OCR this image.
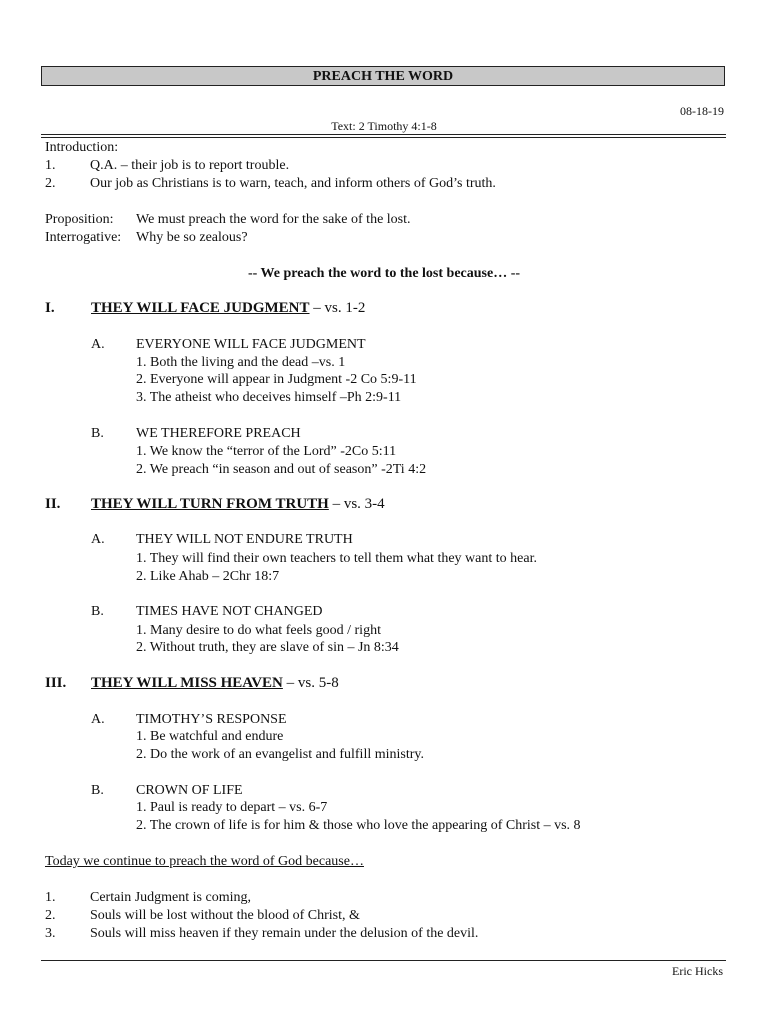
PREACH THE WORD
08-18-19
Text: 2 Timothy 4:1-8
Introduction:
1. Q.A. – their job is to report trouble.
2. Our job as Christians is to warn, teach, and inform others of God’s truth.
Proposition: We must preach the word for the sake of the lost.
Interrogative: Why be so zealous?
-- We preach the word to the lost because… --
I. THEY WILL FACE JUDGMENT – vs. 1-2
A. EVERYONE WILL FACE JUDGMENT
1. Both the living and the dead –vs. 1
2. Everyone will appear in Judgment -2 Co 5:9-11
3. The atheist who deceives himself –Ph 2:9-11
B. WE THEREFORE PREACH
1. We know the “terror of the Lord” -2Co 5:11
2. We preach “in season and out of season” -2Ti 4:2
II. THEY WILL TURN FROM TRUTH – vs. 3-4
A. THEY WILL NOT ENDURE TRUTH
1. They will find their own teachers to tell them what they want to hear.
2. Like Ahab – 2Chr 18:7
B. TIMES HAVE NOT CHANGED
1. Many desire to do what feels good / right
2. Without truth, they are slave of sin – Jn 8:34
III. THEY WILL MISS HEAVEN – vs. 5-8
A. TIMOTHY’S RESPONSE
1. Be watchful and endure
2. Do the work of an evangelist and fulfill ministry.
B. CROWN OF LIFE
1. Paul is ready to depart – vs. 6-7
2. The crown of life is for him & those who love the appearing of Christ – vs. 8
Today we continue to preach the word of God because…
1. Certain Judgment is coming,
2. Souls will be lost without the blood of Christ, &
3. Souls will miss heaven if they remain under the delusion of the devil.
Eric Hicks
